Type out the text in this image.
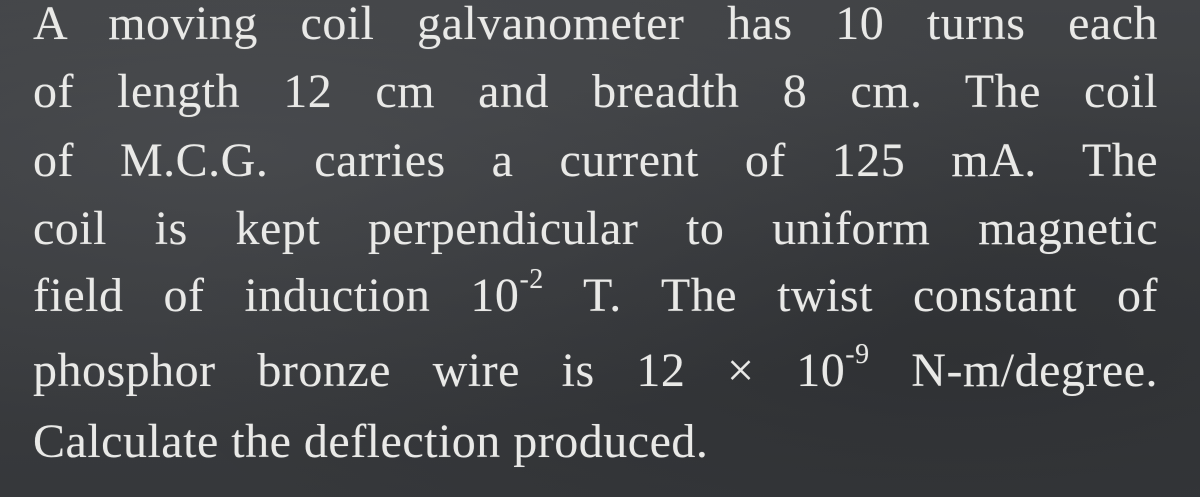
A moving coil galvanometer has 10 turns each
of length 12 cm and breadth 8 cm. The coil
of M.C.G. carries a current of 125 mA. The
coil is kept perpendicular to uniform magnetic
field of induction $10^{-2}$ T. The twist constant of
phosphor bronze wire is $12 \times 10^{-9}$ N-m/degree.
Calculate the deflection produced.
